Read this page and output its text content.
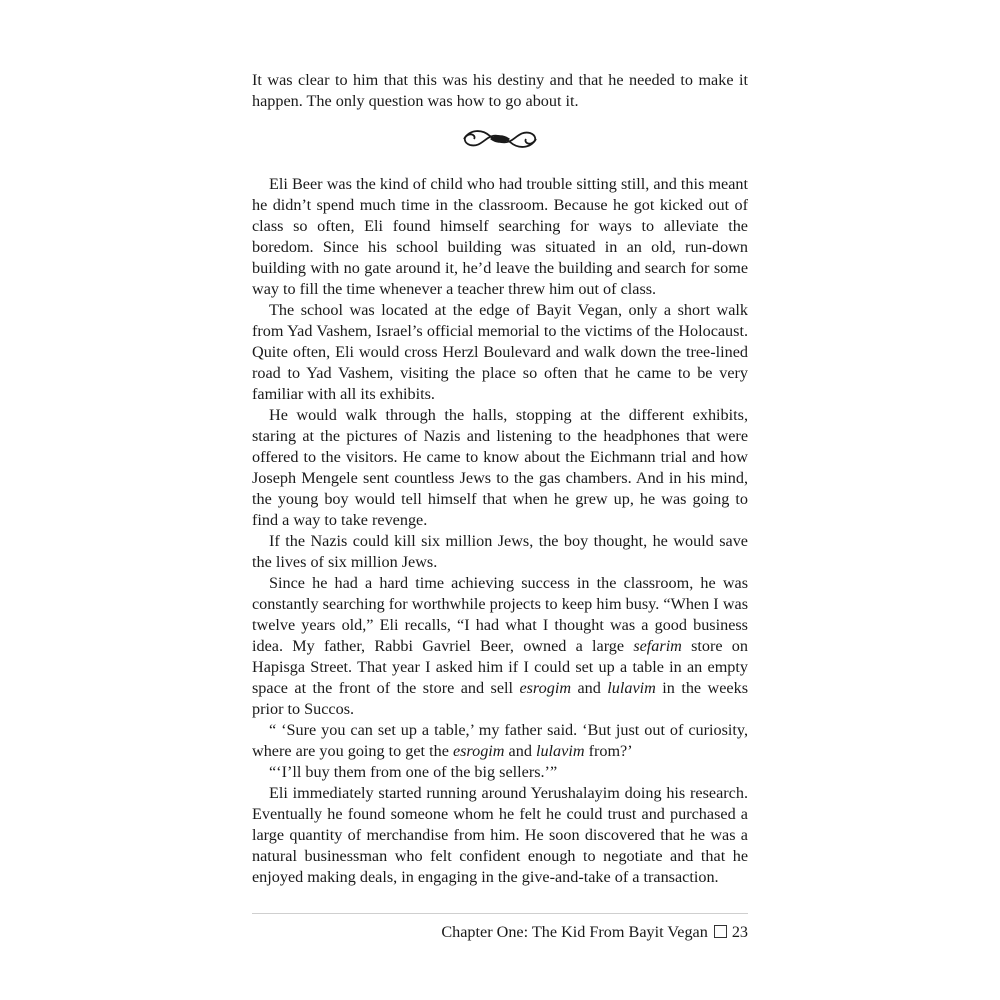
It was clear to him that this was his destiny and that he needed to make it happen. The only question was how to go about it.

Eli Beer was the kind of child who had trouble sitting still, and this meant he didn’t spend much time in the classroom. Because he got kicked out of class so often, Eli found himself searching for ways to alleviate the boredom. Since his school building was situated in an old, run-down building with no gate around it, he’d leave the building and search for some way to fill the time whenever a teacher threw him out of class.

The school was located at the edge of Bayit Vegan, only a short walk from Yad Vashem, Israel’s official memorial to the victims of the Holocaust. Quite often, Eli would cross Herzl Boulevard and walk down the tree-lined road to Yad Vashem, visiting the place so often that he came to be very familiar with all its exhibits.

He would walk through the halls, stopping at the different exhibits, staring at the pictures of Nazis and listening to the headphones that were offered to the visitors. He came to know about the Eichmann trial and how Joseph Mengele sent countless Jews to the gas chambers. And in his mind, the young boy would tell himself that when he grew up, he was going to find a way to take revenge.

If the Nazis could kill six million Jews, the boy thought, he would save the lives of six million Jews.

Since he had a hard time achieving success in the classroom, he was constantly searching for worthwhile projects to keep him busy. “When I was twelve years old,” Eli recalls, “I had what I thought was a good business idea. My father, Rabbi Gavriel Beer, owned a large sefarim store on Hapisga Street. That year I asked him if I could set up a table in an empty space at the front of the store and sell esrogim and lulavim in the weeks prior to Succos.

“ ‘Sure you can set up a table,’ my father said. ‘But just out of curiosity, where are you going to get the esrogim and lulavim from?’

“‘I’ll buy them from one of the big sellers.’”

Eli immediately started running around Yerushalayim doing his research. Eventually he found someone whom he felt he could trust and purchased a large quantity of merchandise from him. He soon discovered that he was a natural businessman who felt confident enough to negotiate and that he enjoyed making deals, in engaging in the give-and-take of a transaction.

Chapter One: The Kid From Bayit Vegan 23
